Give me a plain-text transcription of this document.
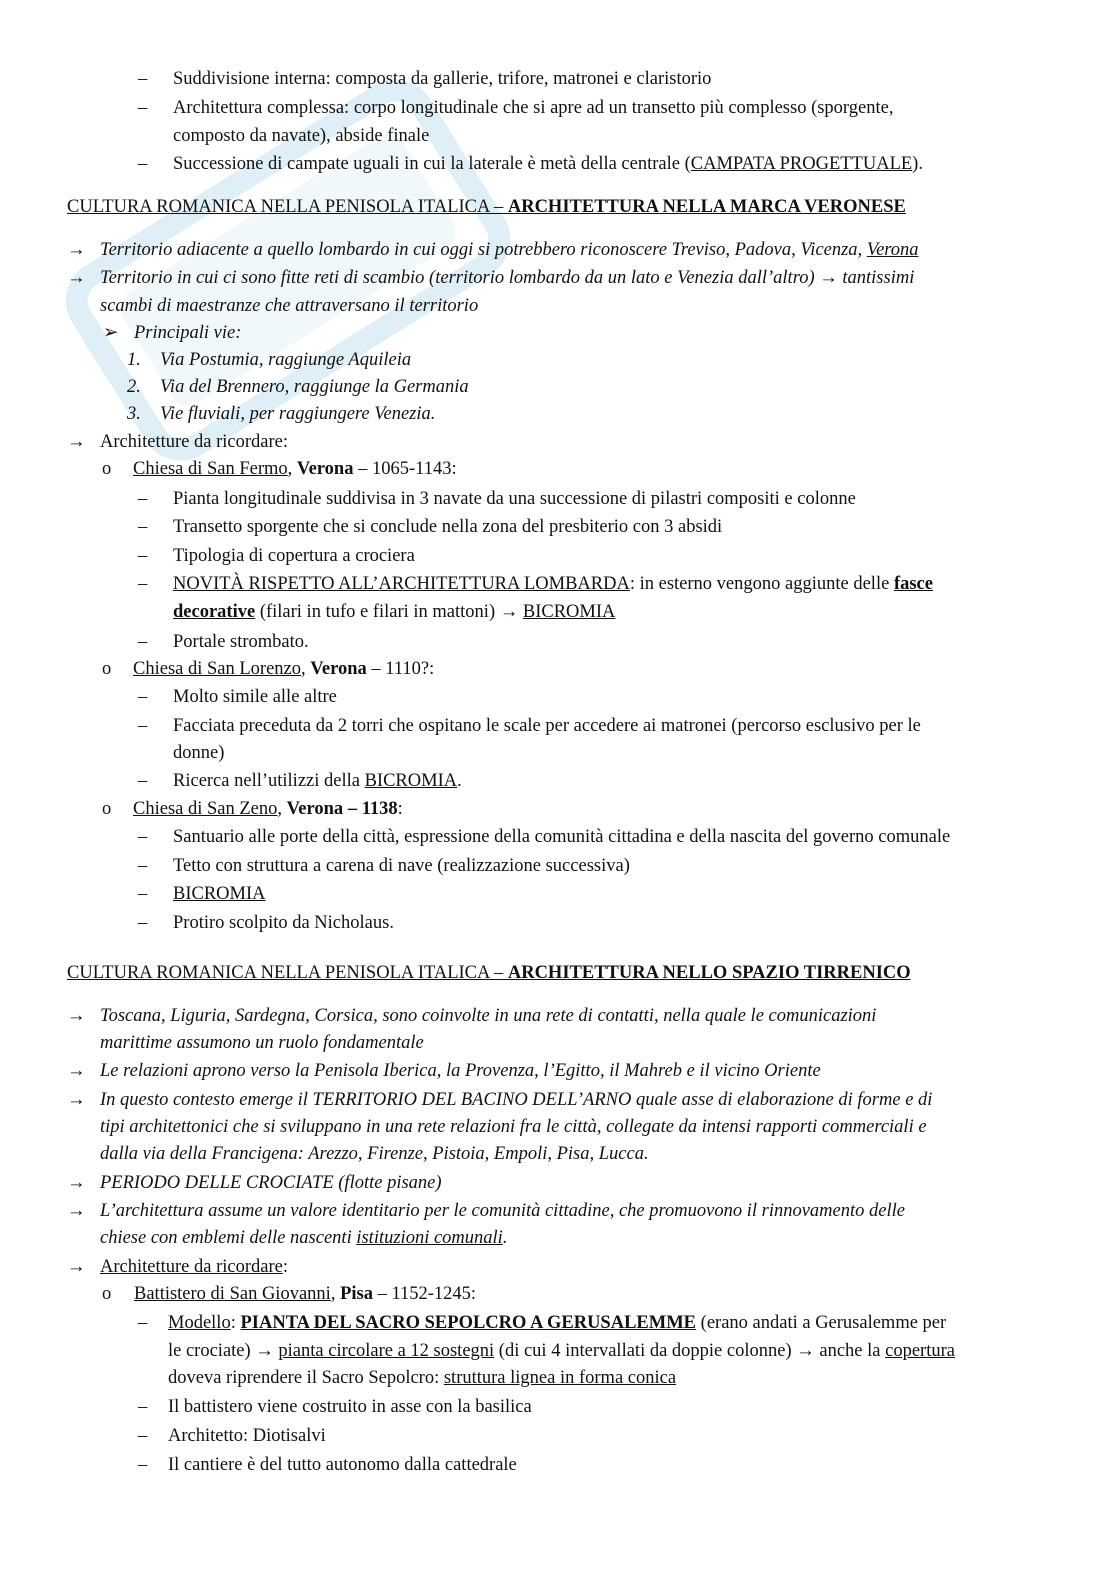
– Suddivisione interna: composta da gallerie, trifore, matronei e claristorio
– Architettura complessa: corpo longitudinale che si apre ad un transetto più complesso (sporgente,
composto da navate), abside finale
– Successione di campate uguali in cui la laterale è metà della centrale (CAMPATA PROGETTUALE).
CULTURA ROMANICA NELLA PENISOLA ITALICA – ARCHITETTURA NELLA MARCA VERONESE
→ Territorio adiacente a quello lombardo in cui oggi si potrebbero riconoscere Treviso, Padova, Vicenza, Verona
→ Territorio in cui ci sono fitte reti di scambio (territorio lombardo da un lato e Venezia dall’altro) → tantissimi
scambi di maestranze che attraversano il territorio
➢ Principali vie:
1. Via Postumia, raggiunge Aquileia
2. Via del Brennero, raggiunge la Germania
3. Vie fluviali, per raggiungere Venezia.
→ Architetture da ricordare:
o Chiesa di San Fermo, Verona – 1065-1143:
– Pianta longitudinale suddivisa in 3 navate da una successione di pilastri compositi e colonne
– Transetto sporgente che si conclude nella zona del presbiterio con 3 absidi
– Tipologia di copertura a crociera
– NOVITÀ RISPETTO ALL’ARCHITETTURA LOMBARDA: in esterno vengono aggiunte delle fasce
decorative (filari in tufo e filari in mattoni) → BICROMIA
– Portale strombato.
o Chiesa di San Lorenzo, Verona – 1110?:
– Molto simile alle altre
– Facciata preceduta da 2 torri che ospitano le scale per accedere ai matronei (percorso esclusivo per le
donne)
– Ricerca nell’utilizzi della BICROMIA.
o Chiesa di San Zeno, Verona – 1138:
– Santuario alle porte della città, espressione della comunità cittadina e della nascita del governo comunale
– Tetto con struttura a carena di nave (realizzazione successiva)
– BICROMIA
– Protiro scolpito da Nicholaus.
CULTURA ROMANICA NELLA PENISOLA ITALICA – ARCHITETTURA NELLO SPAZIO TIRRENICO
→ Toscana, Liguria, Sardegna, Corsica, sono coinvolte in una rete di contatti, nella quale le comunicazioni
marittime assumono un ruolo fondamentale
→ Le relazioni aprono verso la Penisola Iberica, la Provenza, l’Egitto, il Mahreb e il vicino Oriente
→ In questo contesto emerge il TERRITORIO DEL BACINO DELL’ARNO quale asse di elaborazione di forme e di
tipi architettonici che si sviluppano in una rete relazioni fra le città, collegate da intensi rapporti commerciali e
dalla via della Francigena: Arezzo, Firenze, Pistoia, Empoli, Pisa, Lucca.
→ PERIODO DELLE CROCIATE (flotte pisane)
→ L’architettura assume un valore identitario per le comunità cittadine, che promuovono il rinnovamento delle
chiese con emblemi delle nascenti istituzioni comunali.
→ Architetture da ricordare:
o Battistero di San Giovanni, Pisa – 1152-1245:
– Modello: PIANTA DEL SACRO SEPOLCRO A GERUSALEMME (erano andati a Gerusalemme per
le crociate) → pianta circolare a 12 sostegni (di cui 4 intervallati da doppie colonne) → anche la copertura
doveva riprendere il Sacro Sepolcro: struttura lignea in forma conica
– Il battistero viene costruito in asse con la basilica
– Architetto: Diotisalvi
– Il cantiere è del tutto autonomo dalla cattedrale
